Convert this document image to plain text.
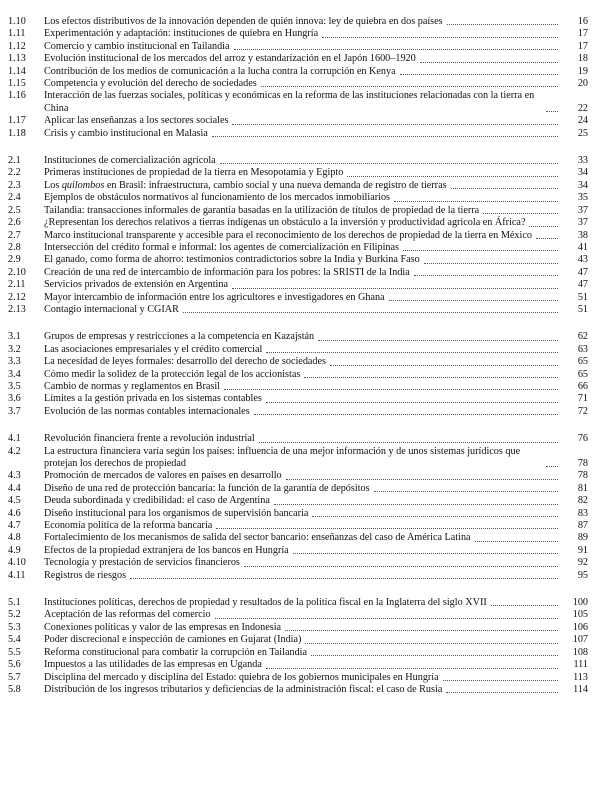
1.10	Los efectos distributivos de la innovación dependen de quién innova: ley de quiebra en dos países	16
1.11	Experimentación y adaptación: instituciones de quiebra en Hungría	17
1.12	Comercio y cambio institucional en Tailandia	17
1.13	Evolución institucional de los mercados del arroz y estandarización en el Japón 1600–1920	18
1.14	Contribución de los medios de comunicación a la lucha contra la corrupción en Kenya	19
1.15	Competencia y evolución del derecho de sociedades	20
1.16	Interacción de las fuerzas sociales, políticas y económicas en la reforma de las instituciones relacionadas con la tierra en China	22
1.17	Aplicar las enseñanzas a los sectores sociales	24
1.18	Crisis y cambio institucional en Malasia	25
2.1	Instituciones de comercialización agrícola	33
2.2	Primeras instituciones de propiedad de la tierra en Mesopotamia y Egipto	34
2.3	Los quilombos en Brasil: infraestructura, cambio social y una nueva demanda de registro de tierras	34
2.4	Ejemplos de obstáculos normativos al funcionamiento de los mercados inmobiliarios	35
2.5	Tailandia: transacciones informales de garantía basadas en la utilización de títulos de propiedad de la tierra	37
2.6	¿Representan los derechos relativos a tierras indígenas un obstáculo a la inversión y productividad agrícola en África?	37
2.7	Marco institucional transparente y accesible para el reconocimiento de los derechos de propiedad de la tierra en México	38
2.8	Intersección del crédito formal e informal: los agentes de comercialización en Filipinas	41
2.9	El ganado, como forma de ahorro: testimonios contradictorios sobre la India y Burkina Faso	43
2.10	Creación de una red de intercambio de información para los pobres: la SRISTI de la India	47
2.11	Servicios privados de extensión en Argentina	47
2.12	Mayor intercambio de información entre los agricultores e investigadores en Ghana	51
2.13	Contagio internacional y CGIAR	51
3.1	Grupos de empresas y restricciones a la competencia en Kazajstán	62
3.2	Las asociaciones empresariales y el crédito comercial	63
3.3	La necesidad de leyes formales: desarrollo del derecho de sociedades	65
3.4	Cómo medir la solidez de la protección legal de los accionistas	65
3.5	Cambio de normas y reglamentos en Brasil	66
3.6	Límites a la gestión privada en los sistemas contables	71
3.7	Evolución de las normas contables internacionales	72
4.1	Revolución financiera frente a revolución industrial	76
4.2	La estructura financiera varía según los países: influencia de una mejor información y de unos sistemas jurídicos que protejan los derechos de propiedad	78
4.3	Promoción de mercados de valores en países en desarrollo	78
4.4	Diseño de una red de protección bancaria: la función de la garantía de depósitos	81
4.5	Deuda subordinada y credibilidad: el caso de Argentina	82
4.6	Diseño institucional para los organismos de supervisión bancaria	83
4.7	Economía política de la reforma bancaria	87
4.8	Fortalecimiento de los mecanismos de salida del sector bancario: enseñanzas del caso de América Latina	89
4.9	Efectos de la propiedad extranjera de los bancos en Hungría	91
4.10	Tecnología y prestación de servicios financieros	92
4.11	Registros de riesgos	95
5.1	Instituciones políticas, derechos de propiedad y resultados de la política fiscal en la Inglaterra del siglo XVII	100
5.2	Aceptación de las reformas del comercio	105
5.3	Conexiones políticas y valor de las empresas en Indonesia	106
5.4	Poder discrecional e inspección de camiones en Gujarat (India)	107
5.5	Reforma constitucional para combatir la corrupción en Tailandia	108
5.6	Impuestos a las utilidades de las empresas en Uganda	111
5.7	Disciplina del mercado y disciplina del Estado: quiebra de los gobiernos municipales en Hungría	113
5.8	Distribución de los ingresos tributarios y deficiencias de la administración fiscal: el caso de Rusia	114
